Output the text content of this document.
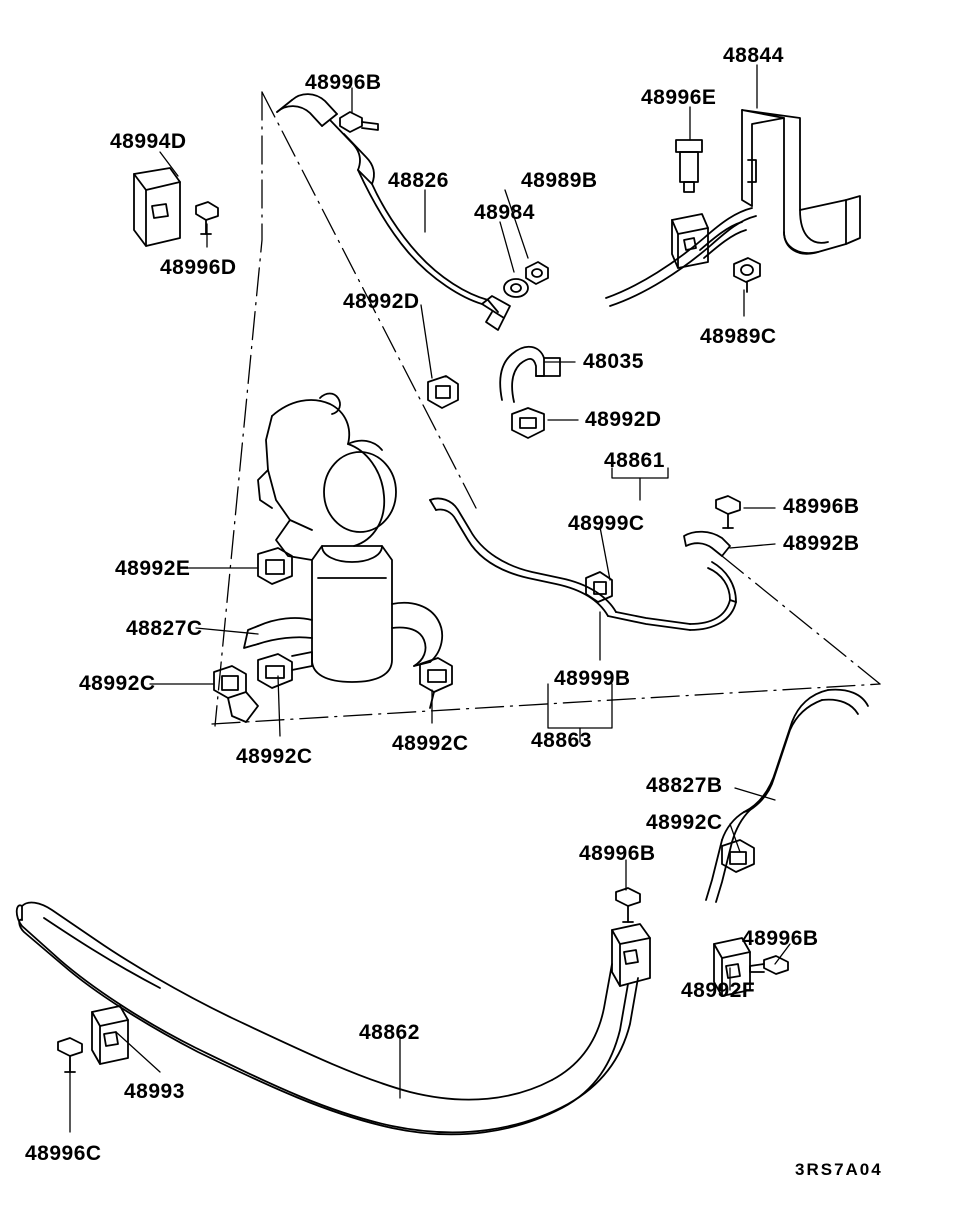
48996B
48844
48996E
48994D
48826	48989B
48984
48996D
48989C
48992D
48035
48992D
48861
48996B
48999C
48992B
48992E
48827C
48992C	48999B
48992C
48992C	48863
48827B
48992C
48996B
48996B
48992F
48862
48993
48996C
3RS7A04
